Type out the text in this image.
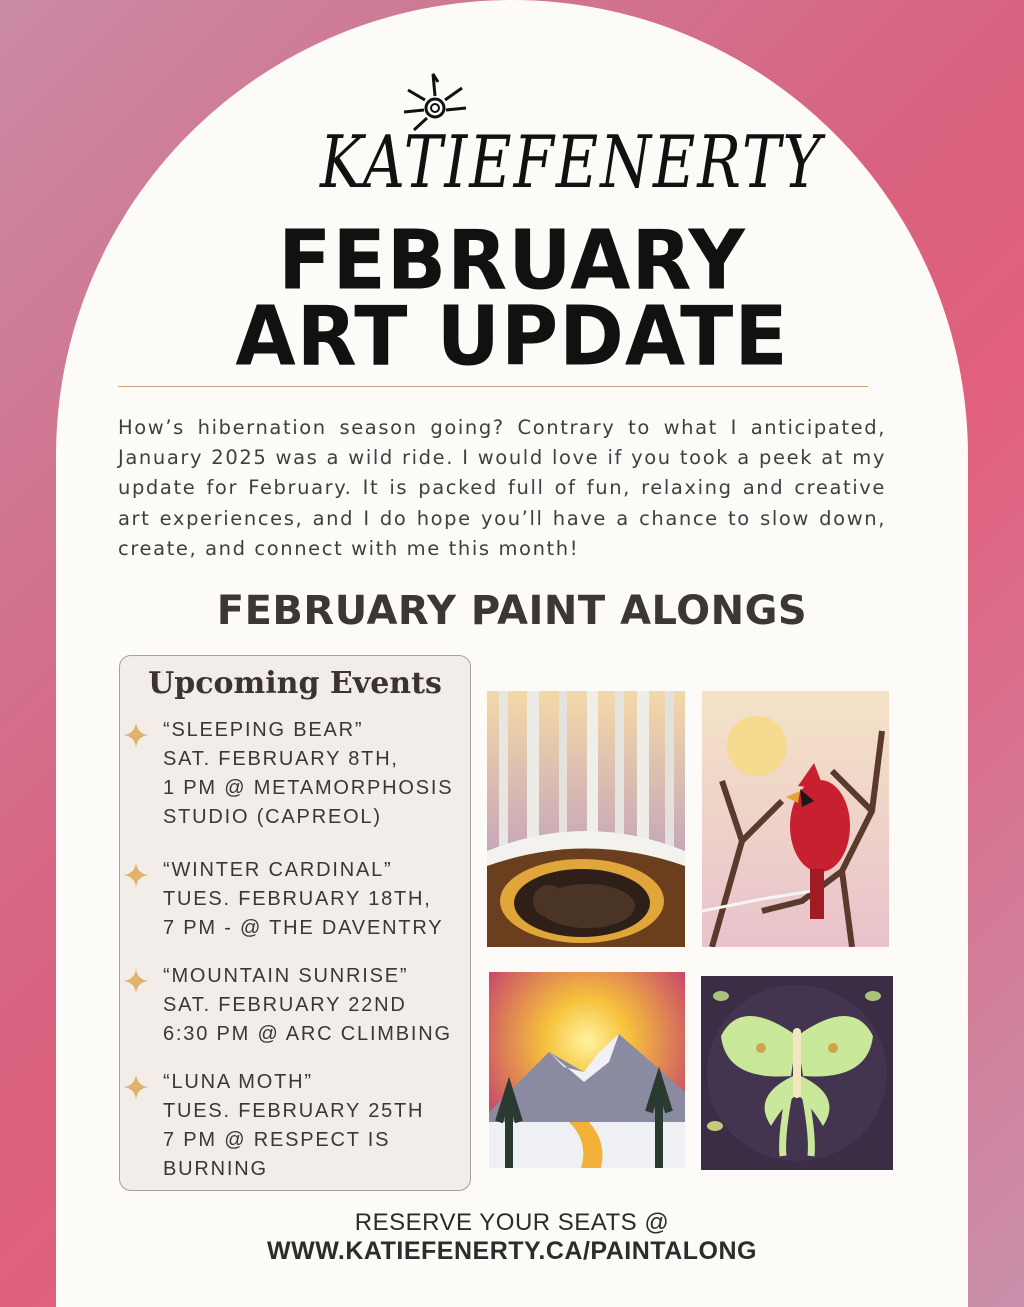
KATIEFENERTY
FEBRUARY
ART UPDATE

How’s hibernation season going? Contrary to what I anticipated, January 2025 was a wild ride. I would love if you took a peek at my update for February. It is packed full of fun, relaxing and creative art experiences, and I do hope you’ll have a chance to slow down, create, and connect with me this month!

FEBRUARY PAINT ALONGS
Upcoming Events
“SLEEPING BEAR”
SAT. FEBRUARY 8TH,
1 PM @ METAMORPHOSIS
STUDIO (CAPREOL)
“WINTER CARDINAL”
TUES. FEBRUARY 18TH,
7 PM - @ THE DAVENTRY
“MOUNTAIN SUNRISE”
SAT. FEBRUARY 22ND
6:30 PM @ ARC CLIMBING
“LUNA MOTH”
TUES. FEBRUARY 25TH
7 PM @ RESPECT IS
BURNING

RESERVE YOUR SEATS @

WWW.KATIEFENERTY.CA/PAINTALONG
